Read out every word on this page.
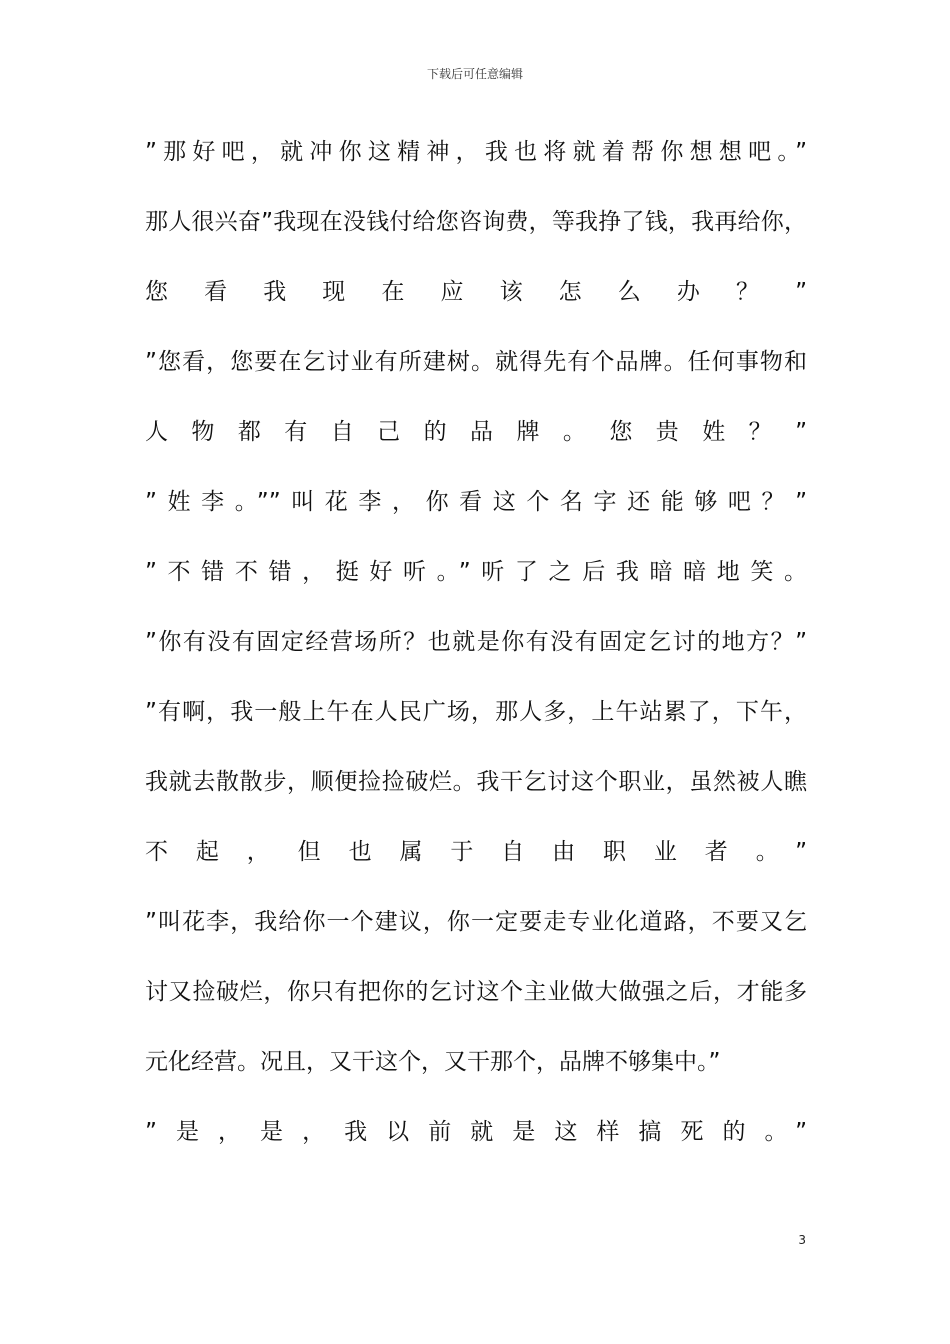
下载后可任意编辑
”那好吧，就冲你这精神，我也将就着帮你想想吧。”
那人很兴奋”我现在没钱付给您咨询费，等我挣了钱，我再给你，
您看我现在应该怎么办？”
”您看，您要在乞讨业有所建树。就得先有个品牌。任何事物和
人物都有自己的品牌。您贵姓？”
”姓李。””叫花李，你看这个名字还能够吧？”
”不错不错，挺好听。”听了之后我暗暗地笑。
”你有没有固定经营场所？也就是你有没有固定乞讨的地方？”
”有啊，我一般上午在人民广场，那人多，上午站累了，下午，
我就去散散步，顺便捡捡破烂。我干乞讨这个职业，虽然被人瞧
不起，但也属于自由职业者。”
”叫花李，我给你一个建议，你一定要走专业化道路，不要又乞
讨又捡破烂，你只有把你的乞讨这个主业做大做强之后，才能多
元化经营。况且，又干这个，又干那个，品牌不够集中。”
”是，是，我以前就是这样搞死的。”
3
